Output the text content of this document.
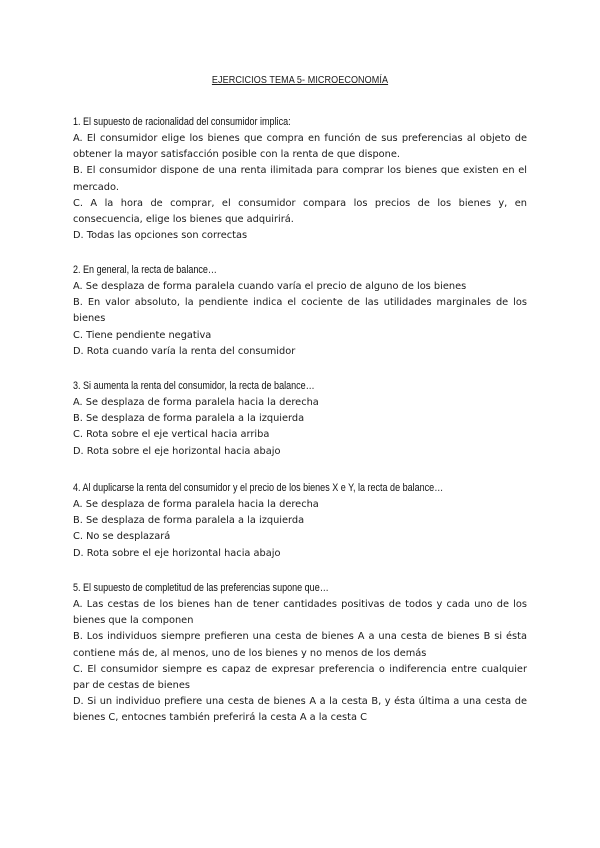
EJERCICIOS TEMA 5- MICROECONOMÍA
1. El supuesto de racionalidad del consumidor implica:

A. El consumidor elige los bienes que compra en función de sus preferencias al objeto de obtener la mayor satisfacción posible con la renta de que dispone.

B. El consumidor dispone de una renta ilimitada para comprar los bienes que existen en el mercado.

C. A la hora de comprar, el consumidor compara los precios de los bienes y, en consecuencia, elige los bienes que adquirirá.

D. Todas las opciones son correctas

2. En general, la recta de balance…

A. Se desplaza de forma paralela cuando varía el precio de alguno de los bienes

B. En valor absoluto, la pendiente indica el cociente de las utilidades marginales de los bienes

C. Tiene pendiente negativa

D. Rota cuando varía la renta del consumidor

3. Si aumenta la renta del consumidor, la recta de balance…

A. Se desplaza de forma paralela hacia la derecha

B. Se desplaza de forma paralela a la izquierda

C. Rota sobre el eje vertical hacia arriba

D. Rota sobre el eje horizontal hacia abajo

4. Al duplicarse la renta del consumidor y el precio de los bienes X e Y, la recta de balance…

A. Se desplaza de forma paralela hacia la derecha

B. Se desplaza de forma paralela a la izquierda

C. No se desplazará

D. Rota sobre el eje horizontal hacia abajo

5. El supuesto de completitud de las preferencias supone que…

A. Las cestas de los bienes han de tener cantidades positivas de todos y cada uno de los bienes que la componen

B. Los individuos siempre prefieren una cesta de bienes A a una cesta de bienes B si ésta contiene más de, al menos, uno de los bienes y no menos de los demás

C. El consumidor siempre es capaz de expresar preferencia o indiferencia entre cualquier par de cestas de bienes

D. Si un individuo prefiere una cesta de bienes A a la cesta B, y ésta última a una cesta de bienes C, entocnes también preferirá la cesta A a la cesta C
